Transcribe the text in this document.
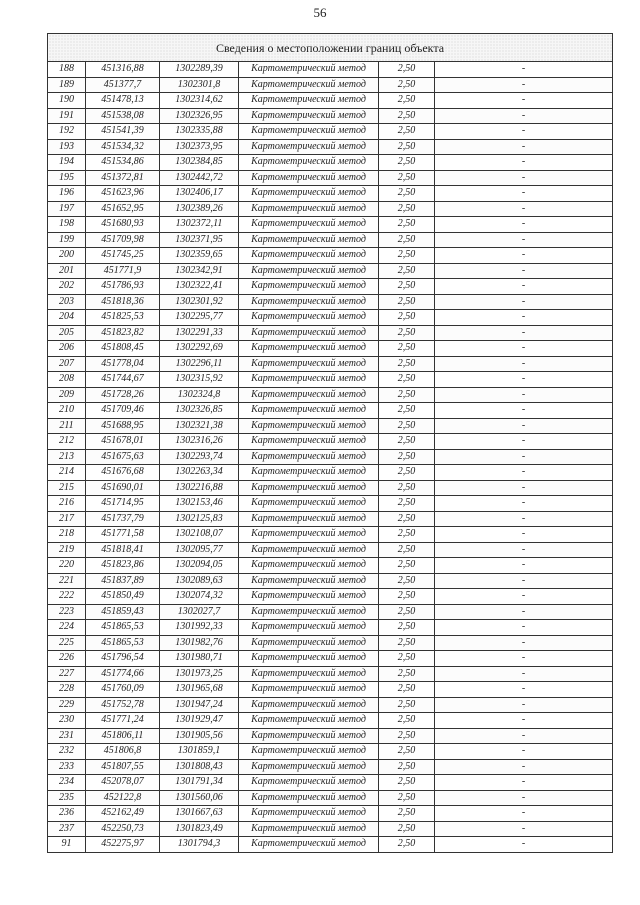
56
Сведения о местоположении границ объекта					
188	451316,88	1302289,39	Картометрический метод	2,50	-
189	451377,7	1302301,8	Картометрический метод	2,50	-
190	451478,13	1302314,62	Картометрический метод	2,50	-
191	451538,08	1302326,95	Картометрический метод	2,50	-
192	451541,39	1302335,88	Картометрический метод	2,50	-
193	451534,32	1302373,95	Картометрический метод	2,50	-
194	451534,86	1302384,85	Картометрический метод	2,50	-
195	451372,81	1302442,72	Картометрический метод	2,50	-
196	451623,96	1302406,17	Картометрический метод	2,50	-
197	451652,95	1302389,26	Картометрический метод	2,50	-
198	451680,93	1302372,11	Картометрический метод	2,50	-
199	451709,98	1302371,95	Картометрический метод	2,50	-
200	451745,25	1302359,65	Картометрический метод	2,50	-
201	451771,9	1302342,91	Картометрический метод	2,50	-
202	451786,93	1302322,41	Картометрический метод	2,50	-
203	451818,36	1302301,92	Картометрический метод	2,50	-
204	451825,53	1302295,77	Картометрический метод	2,50	-
205	451823,82	1302291,33	Картометрический метод	2,50	-
206	451808,45	1302292,69	Картометрический метод	2,50	-
207	451778,04	1302296,11	Картометрический метод	2,50	-
208	451744,67	1302315,92	Картометрический метод	2,50	-
209	451728,26	1302324,8	Картометрический метод	2,50	-
210	451709,46	1302326,85	Картометрический метод	2,50	-
211	451688,95	1302321,38	Картометрический метод	2,50	-
212	451678,01	1302316,26	Картометрический метод	2,50	-
213	451675,63	1302293,74	Картометрический метод	2,50	-
214	451676,68	1302263,34	Картометрический метод	2,50	-
215	451690,01	1302216,88	Картометрический метод	2,50	-
216	451714,95	1302153,46	Картометрический метод	2,50	-
217	451737,79	1302125,83	Картометрический метод	2,50	-
218	451771,58	1302108,07	Картометрический метод	2,50	-
219	451818,41	1302095,77	Картометрический метод	2,50	-
220	451823,86	1302094,05	Картометрический метод	2,50	-
221	451837,89	1302089,63	Картометрический метод	2,50	-
222	451850,49	1302074,32	Картометрический метод	2,50	-
223	451859,43	1302027,7	Картометрический метод	2,50	-
224	451865,53	1301992,33	Картометрический метод	2,50	-
225	451865,53	1301982,76	Картометрический метод	2,50	-
226	451796,54	1301980,71	Картометрический метод	2,50	-
227	451774,66	1301973,25	Картометрический метод	2,50	-
228	451760,09	1301965,68	Картометрический метод	2,50	-
229	451752,78	1301947,24	Картометрический метод	2,50	-
230	451771,24	1301929,47	Картометрический метод	2,50	-
231	451806,11	1301905,56	Картометрический метод	2,50	-
232	451806,8	1301859,1	Картометрический метод	2,50	-
233	451807,55	1301808,43	Картометрический метод	2,50	-
234	452078,07	1301791,34	Картометрический метод	2,50	-
235	452122,8	1301560,06	Картометрический метод	2,50	-
236	452162,49	1301667,63	Картометрический метод	2,50	-
237	452250,73	1301823,49	Картометрический метод	2,50	-
91	452275,97	1301794,3	Картометрический метод	2,50	-
